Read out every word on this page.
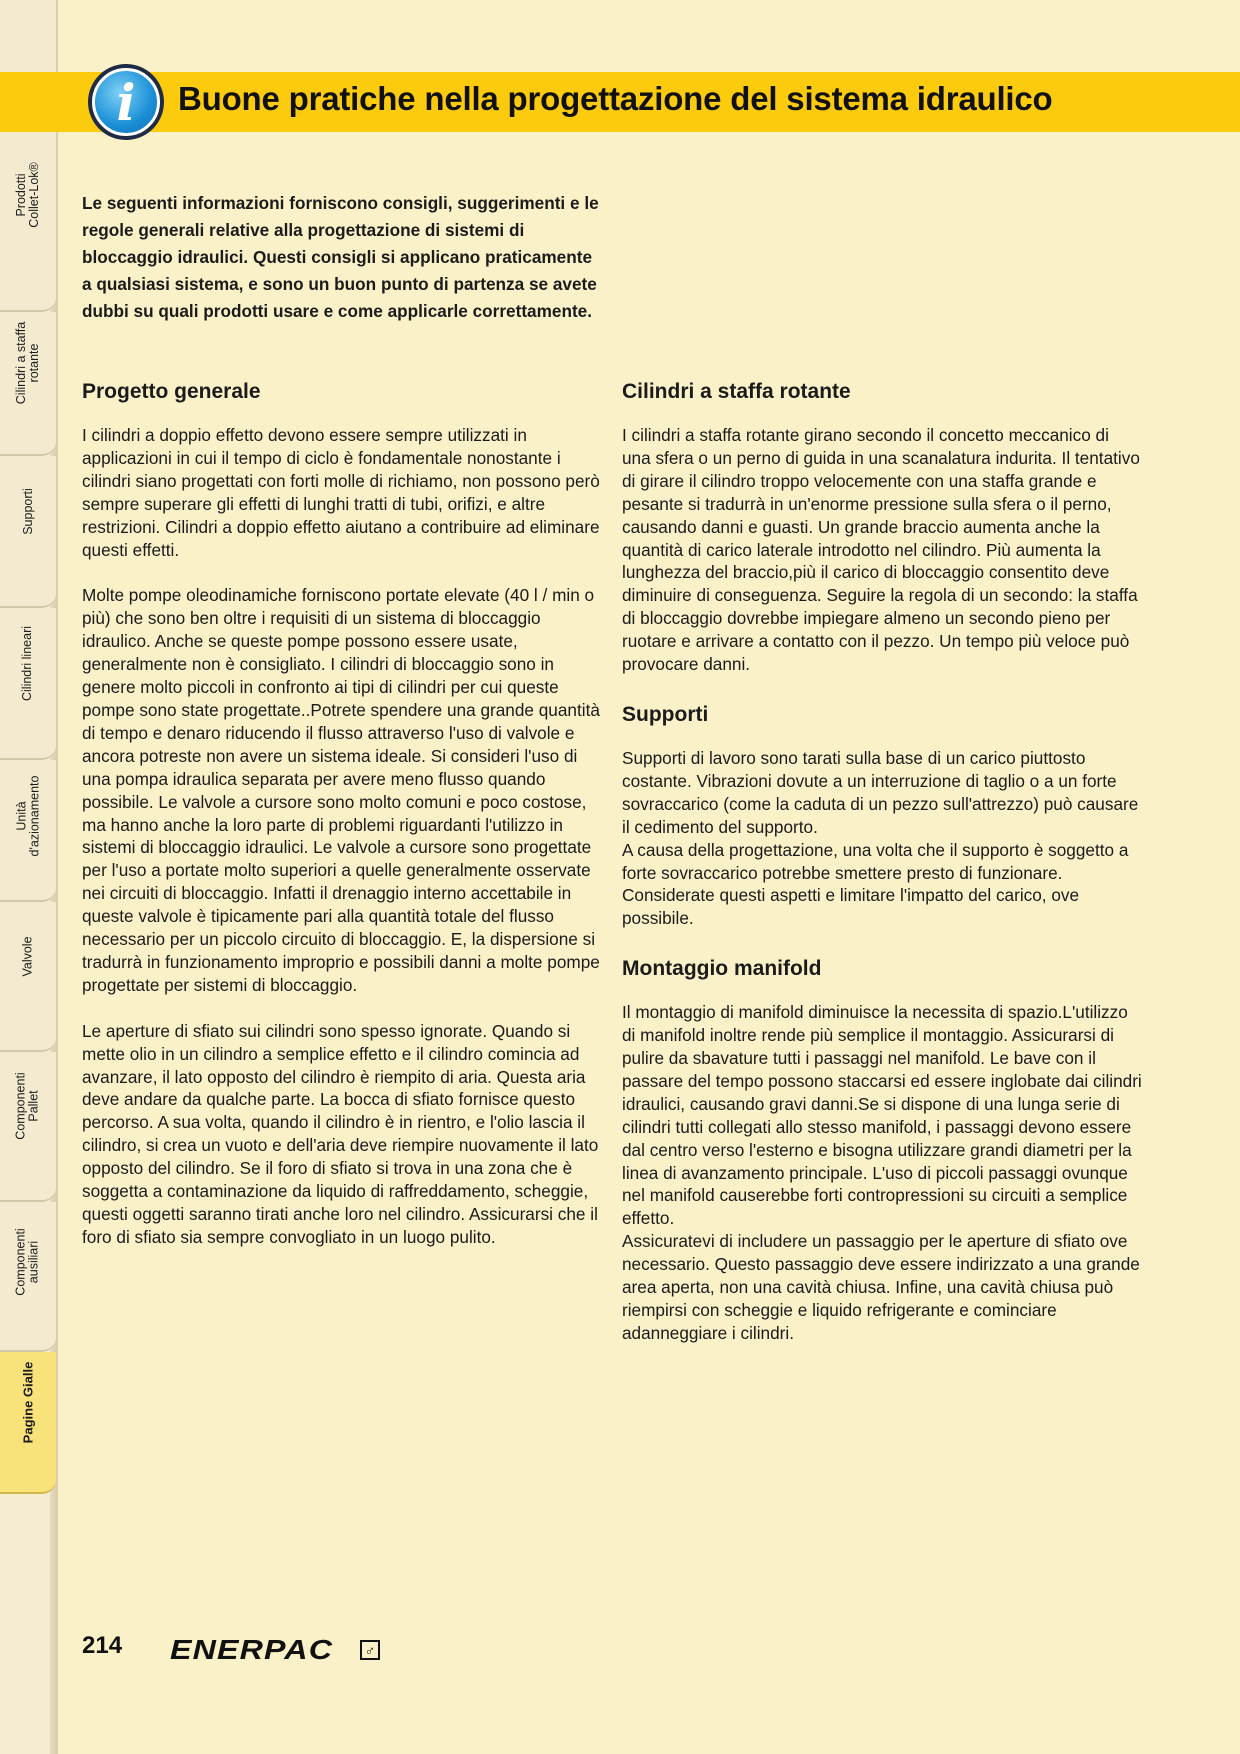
Prodotti
Collet-Lok®
Cilindri a staffa
rotante
Supporti
Cilindri lineari
Unità
d'azionamento
Valvole
Componenti
Pallet
Componenti
ausiliari
Pagine Gialle
i Buone pratiche nella progettazione del sistema idraulico

Le seguenti informazioni forniscono consigli, suggerimenti e le regole generali relative alla progettazione di sistemi di bloccaggio idraulici. Questi consigli si applicano praticamente a qualsiasi sistema, e sono un buon punto di partenza se avete dubbi su quali prodotti usare e come applicarle correttamente.

Progetto generale

I cilindri a doppio effetto devono essere sempre utilizzati in applicazioni in cui il tempo di ciclo è fondamentale nonostante i cilindri siano progettati con forti molle di richiamo, non possono però sempre superare gli effetti di lunghi tratti di tubi, orifizi, e altre restrizioni. Cilindri a doppio effetto aiutano a contribuire ad eliminare questi effetti.

Molte pompe oleodinamiche forniscono portate elevate (40 l / min o più) che sono ben oltre i requisiti di un sistema di bloccaggio idraulico. Anche se queste pompe possono essere usate, generalmente non è consigliato. I cilindri di bloccaggio sono in genere molto piccoli in confronto ai tipi di cilindri per cui queste pompe sono state progettate..Potrete spendere una grande quantità di tempo e denaro riducendo il flusso attraverso l'uso di valvole e ancora potreste non avere un sistema ideale. Si consideri l'uso di una pompa idraulica separata per avere meno flusso quando possibile. Le valvole a cursore sono molto comuni e poco costose, ma hanno anche la loro parte di problemi riguardanti l'utilizzo in sistemi di bloccaggio idraulici. Le valvole a cursore sono progettate per l'uso a portate molto superiori a quelle generalmente osservate nei circuiti di bloccaggio. Infatti il drenaggio interno accettabile in queste valvole è tipicamente pari alla quantità totale del flusso necessario per un piccolo circuito di bloccaggio. E, la dispersione si tradurrà in funzionamento improprio e possibili danni a molte pompe progettate per sistemi di bloccaggio.

Le aperture di sfiato sui cilindri sono spesso ignorate. Quando si mette olio in un cilindro a semplice effetto e il cilindro comincia ad avanzare, il lato opposto del cilindro è riempito di aria. Questa aria deve andare da qualche parte. La bocca di sfiato fornisce questo percorso. A sua volta, quando il cilindro è in rientro, e l'olio lascia il cilindro, si crea un vuoto e dell'aria deve riempire nuovamente il lato opposto del cilindro. Se il foro di sfiato si trova in una zona che è soggetta a contaminazione da liquido di raffreddamento, scheggie, questi oggetti saranno tirati anche loro nel cilindro. Assicurarsi che il foro di sfiato sia sempre convogliato in un luogo pulito.

Cilindri a staffa rotante

I cilindri a staffa rotante girano secondo il concetto meccanico di una sfera o un perno di guida in una scanalatura indurita. Il tentativo di girare il cilindro troppo velocemente con una staffa grande e pesante si tradurrà in un'enorme pressione sulla sfera o il perno, causando danni e guasti. Un grande braccio aumenta anche la quantità di carico laterale introdotto nel cilindro. Più aumenta la lunghezza del braccio,più il carico di bloccaggio consentito deve diminuire di conseguenza. Seguire la regola di un secondo: la staffa di bloccaggio dovrebbe impiegare almeno un secondo pieno per ruotare e arrivare a contatto con il pezzo. Un tempo più veloce può provocare danni.

Supporti

Supporti di lavoro sono tarati sulla base di un carico piuttosto costante. Vibrazioni dovute a un interruzione di taglio o a un forte sovraccarico (come la caduta di un pezzo sull'attrezzo) può causare il cedimento del supporto.
A causa della progettazione, una volta che il supporto è soggetto a forte sovraccarico potrebbe smettere presto di funzionare. Considerate questi aspetti e limitare l'impatto del carico, ove possibile.

Montaggio manifold

Il montaggio di manifold diminuisce la necessita di spazio.L'utilizzo di manifold inoltre rende più semplice il montaggio. Assicurarsi di pulire da sbavature tutti i passaggi nel manifold. Le bave con il passare del tempo possono staccarsi ed essere inglobate dai cilindri idraulici, causando gravi danni.Se si dispone di una lunga serie di cilindri tutti collegati allo stesso manifold, i passaggi devono essere dal centro verso l'esterno e bisogna utilizzare grandi diametri per la linea di avanzamento principale. L'uso di piccoli passaggi ovunque nel manifold causerebbe forti contropressioni su circuiti a semplice effetto.
Assicuratevi di includere un passaggio per le aperture di sfiato ove necessario. Questo passaggio deve essere indirizzato a una grande area aperta, non una cavità chiusa. Infine, una cavità chiusa può riempirsi con scheggie e liquido refrigerante e cominciare adanneggiare i cilindri.

214 ENERPAC	♂
